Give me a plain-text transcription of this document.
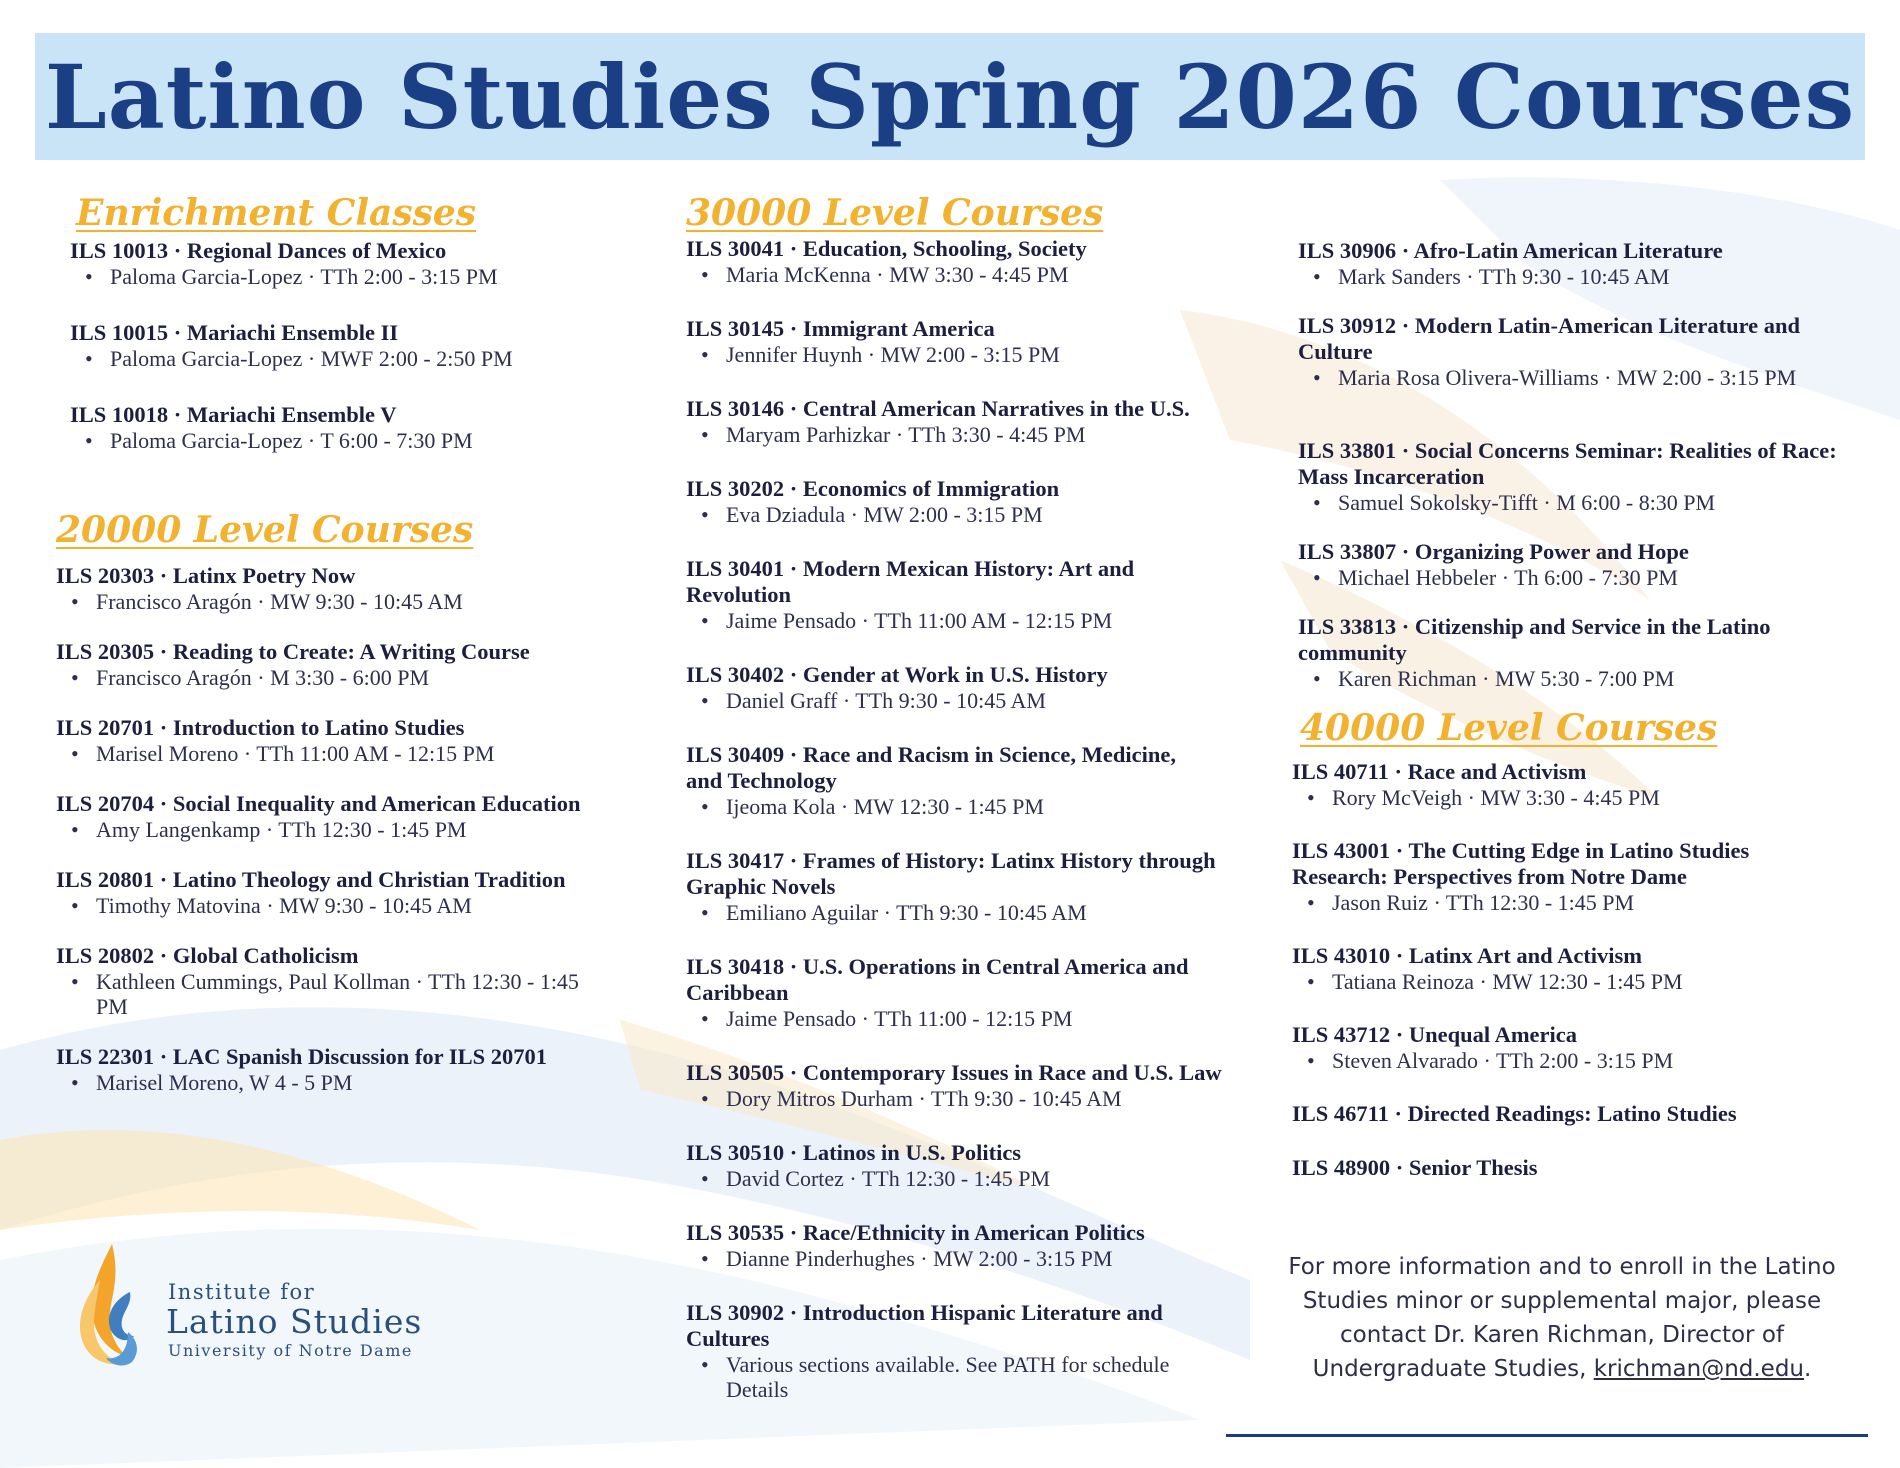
Latino Studies Spring 2026 Courses
Enrichment Classes
ILS 10013 · Regional Dances of Mexico
• Paloma Garcia-Lopez · TTh 2:00 - 3:15 PM
ILS 10015 · Mariachi Ensemble II
• Paloma Garcia-Lopez · MWF 2:00 - 2:50 PM
ILS 10018 · Mariachi Ensemble V
• Paloma Garcia-Lopez · T 6:00 - 7:30 PM
20000 Level Courses
ILS 20303 · Latinx Poetry Now
• Francisco Aragón · MW 9:30 - 10:45 AM
ILS 20305 · Reading to Create: A Writing Course
• Francisco Aragón · M 3:30 - 6:00 PM
ILS 20701 · Introduction to Latino Studies
• Marisel Moreno · TTh 11:00 AM - 12:15 PM
ILS 20704 · Social Inequality and American Education
• Amy Langenkamp · TTh 12:30 - 1:45 PM
ILS 20801 · Latino Theology and Christian Tradition
• Timothy Matovina · MW 9:30 - 10:45 AM
ILS 20802 · Global Catholicism
• Kathleen Cummings, Paul Kollman · TTh 12:30 - 1:45 PM
ILS 22301 · LAC Spanish Discussion for ILS 20701
• Marisel Moreno, W 4 - 5 PM
30000 Level Courses
ILS 30041 · Education, Schooling, Society
• Maria McKenna · MW 3:30 - 4:45 PM
ILS 30145 · Immigrant America
• Jennifer Huynh · MW 2:00 - 3:15 PM
ILS 30146 · Central American Narratives in the U.S.
• Maryam Parhizkar · TTh 3:30 - 4:45 PM
ILS 30202 · Economics of Immigration
• Eva Dziadula · MW 2:00 - 3:15 PM
ILS 30401 · Modern Mexican History: Art and Revolution
• Jaime Pensado · TTh 11:00 AM - 12:15 PM
ILS 30402 · Gender at Work in U.S. History
• Daniel Graff · TTh 9:30 - 10:45 AM
ILS 30409 · Race and Racism in Science, Medicine, and Technology
• Ijeoma Kola · MW 12:30 - 1:45 PM
ILS 30417 · Frames of History: Latinx History through Graphic Novels
• Emiliano Aguilar · TTh 9:30 - 10:45 AM
ILS 30418 · U.S. Operations in Central America and Caribbean
• Jaime Pensado · TTh 11:00 - 12:15 PM
ILS 30505 · Contemporary Issues in Race and U.S. Law
• Dory Mitros Durham · TTh 9:30 - 10:45 AM
ILS 30510 · Latinos in U.S. Politics
• David Cortez · TTh 12:30 - 1:45 PM
ILS 30535 · Race/Ethnicity in American Politics
• Dianne Pinderhughes · MW 2:00 - 3:15 PM
ILS 30902 · Introduction Hispanic Literature and Cultures
• Various sections available. See PATH for schedule Details
ILS 30906 · Afro-Latin American Literature
• Mark Sanders · TTh 9:30 - 10:45 AM
ILS 30912 · Modern Latin-American Literature and Culture
• Maria Rosa Olivera-Williams · MW 2:00 - 3:15 PM
ILS 33801 · Social Concerns Seminar: Realities of Race: Mass Incarceration
• Samuel Sokolsky-Tifft · M 6:00 - 8:30 PM
ILS 33807 · Organizing Power and Hope
• Michael Hebbeler · Th 6:00 - 7:30 PM
ILS 33813 · Citizenship and Service in the Latino community
• Karen Richman · MW 5:30 - 7:00 PM
40000 Level Courses
ILS 40711 · Race and Activism
• Rory McVeigh · MW 3:30 - 4:45 PM
ILS 43001 · The Cutting Edge in Latino Studies Research: Perspectives from Notre Dame
• Jason Ruiz · TTh 12:30 - 1:45 PM
ILS 43010 · Latinx Art and Activism
• Tatiana Reinoza · MW 12:30 - 1:45 PM
ILS 43712 · Unequal America
• Steven Alvarado · TTh 2:00 - 3:15 PM
ILS 46711 · Directed Readings: Latino Studies
ILS 48900 · Senior Thesis
For more information and to enroll in the Latino Studies minor or supplemental major, please contact Dr. Karen Richman, Director of Undergraduate Studies, krichman@nd.edu.
Institute for
Latino Studies
University of Notre Dame
